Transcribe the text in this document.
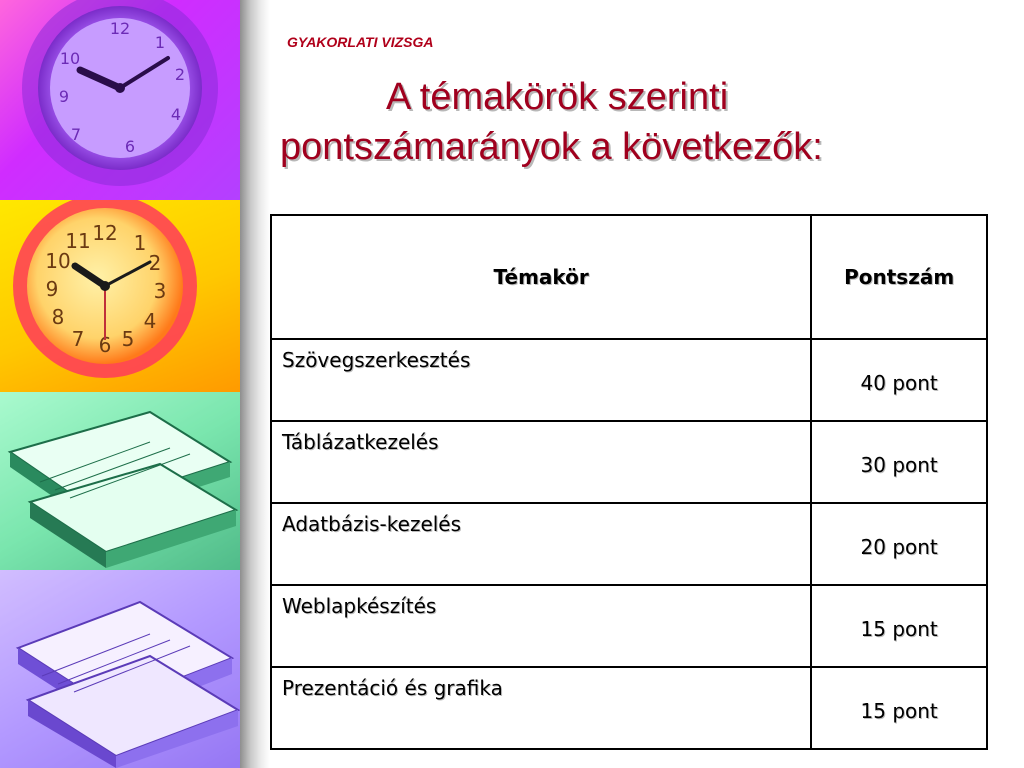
12
1
2
4
6
7
9
10
12 1
2
3
4
5
6
7
8
9
10
11
GYAKORLATI VIZSGA
A témakörök szerinti
pontszámarányok a következők:
Témakör	Pontszám
Szövegszerkesztés	40 pont
Táblázatkezelés	30 pont
Adatbázis-kezelés	20 pont
Weblapkészítés	15 pont
Prezentáció és grafika	15 pont
